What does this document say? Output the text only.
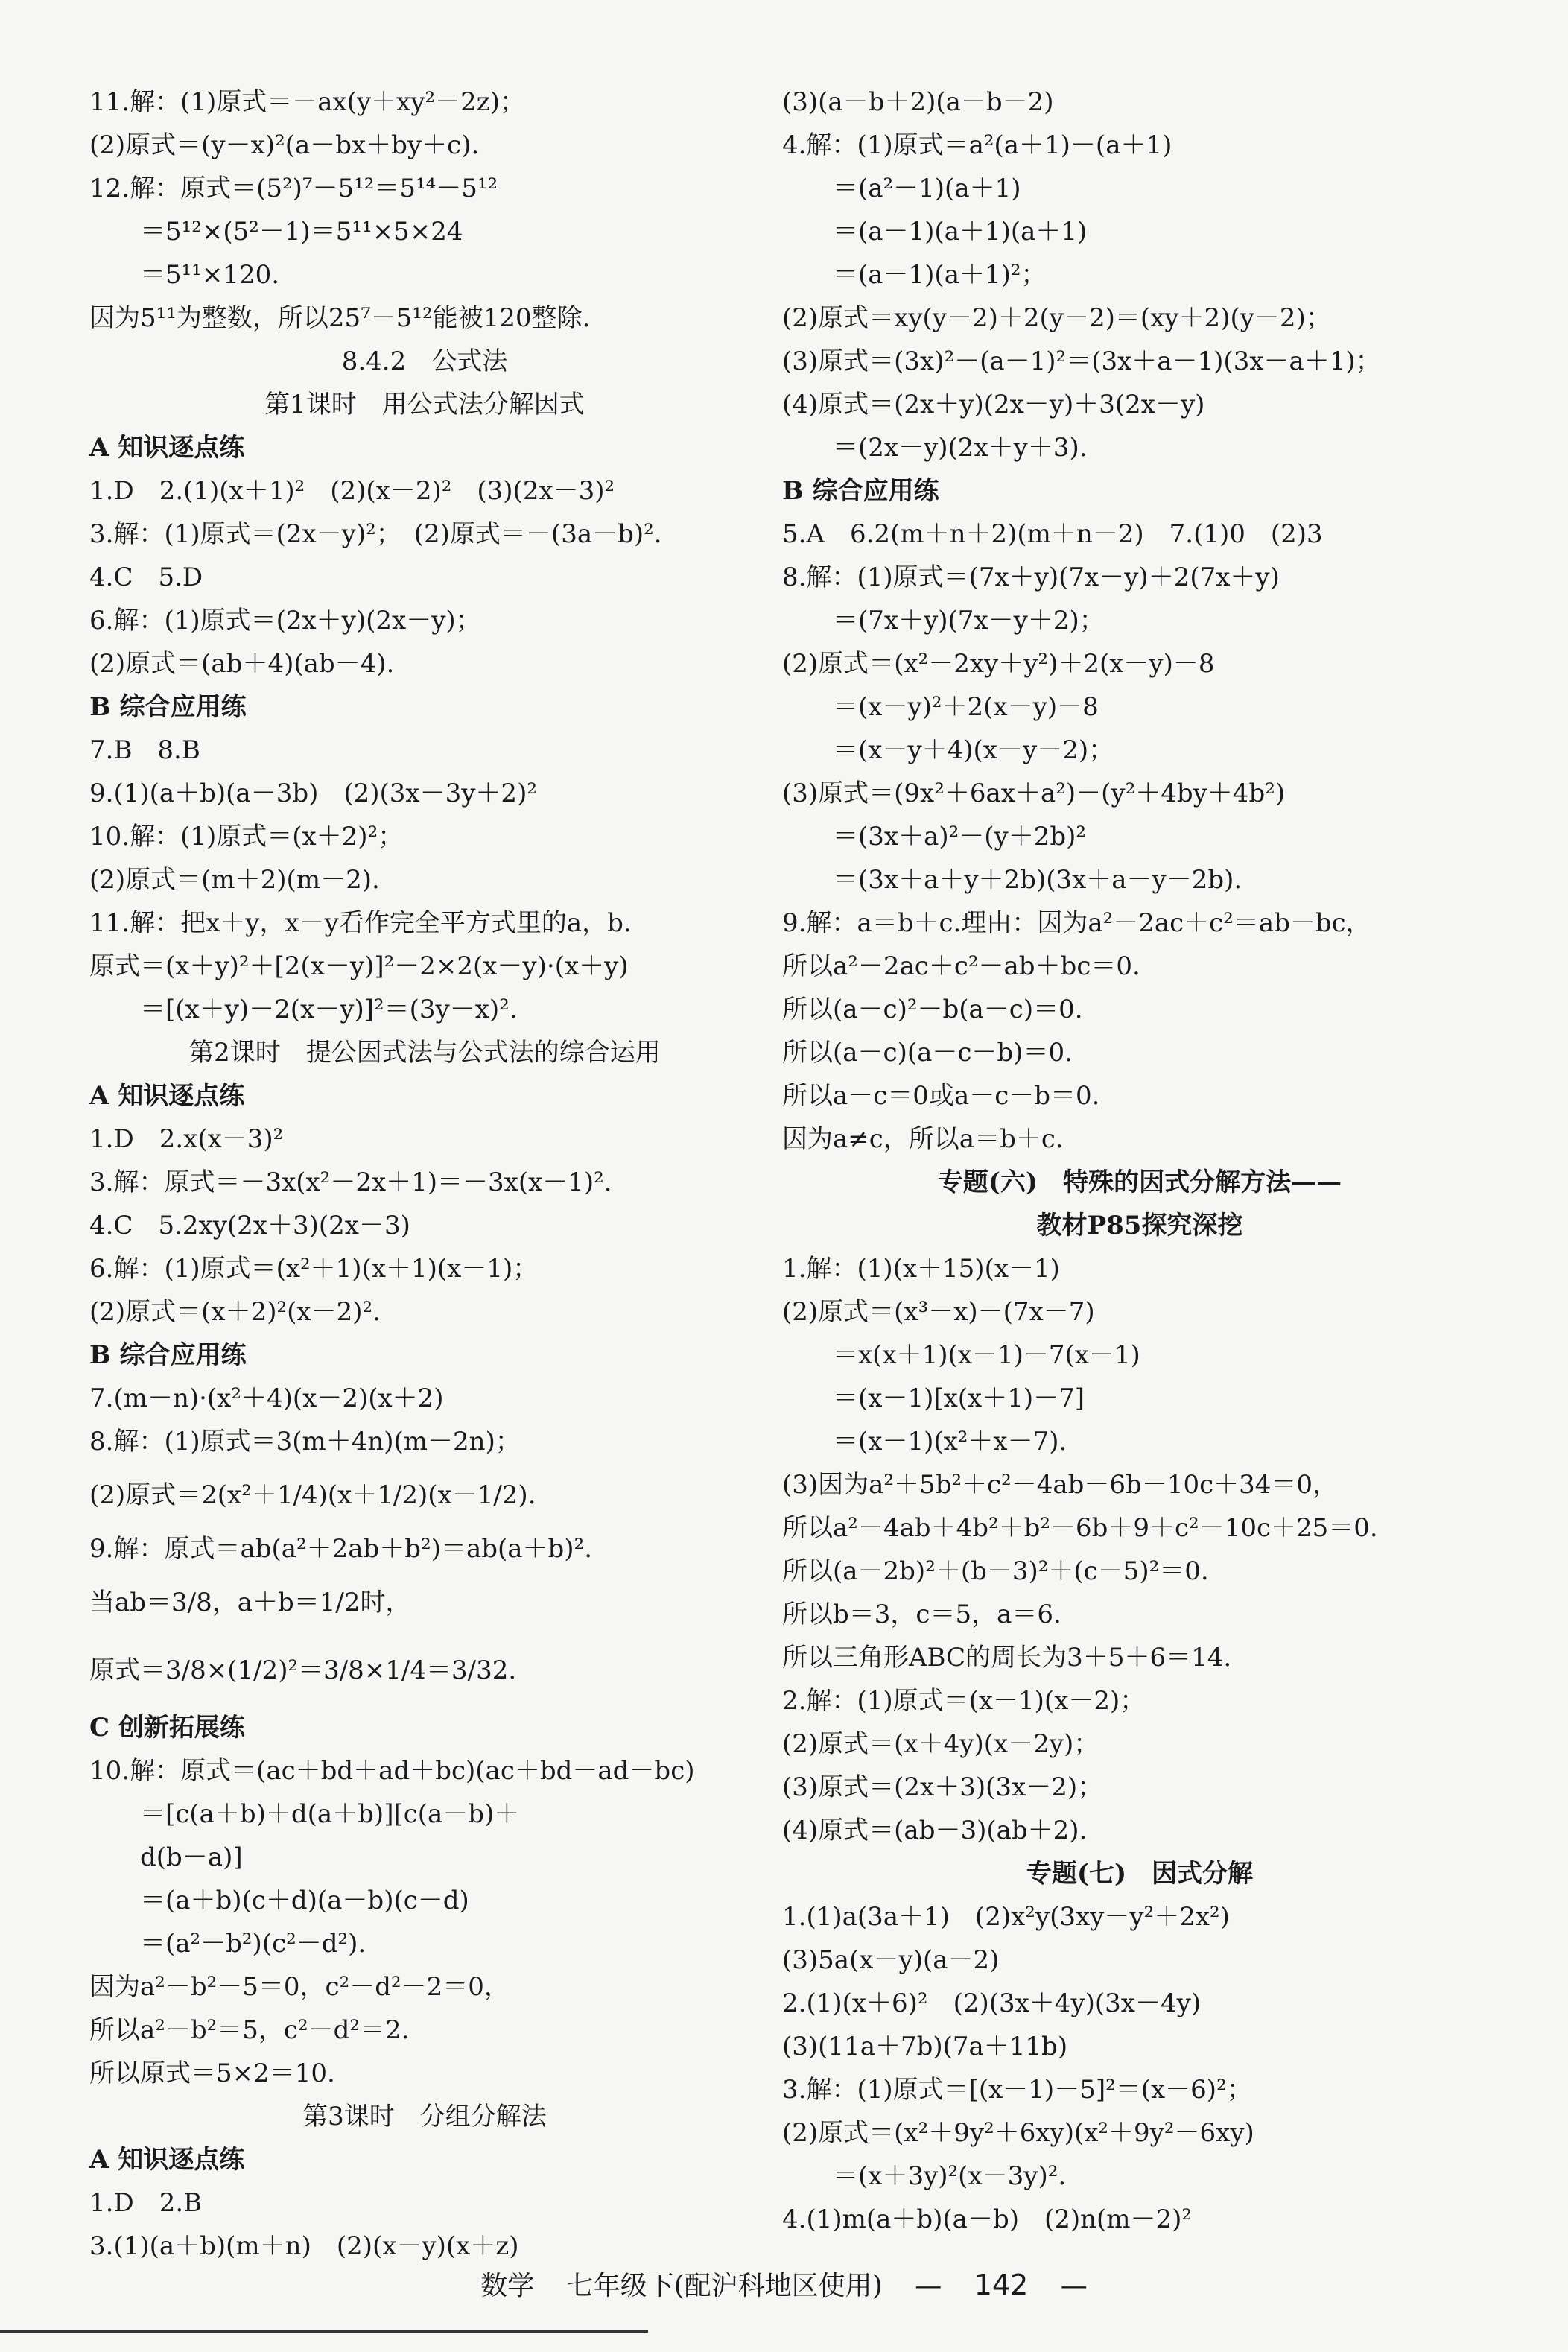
11.解：(1)原式＝－ax(y＋xy²－2z)；
(2)原式＝(y－x)²(a－bx＋by＋c).
12.解：原式＝(5²)⁷－5¹²＝5¹⁴－5¹²
　　＝5¹²×(5²－1)＝5¹¹×5×24
　　＝5¹¹×120.
因为5¹¹为整数，所以25⁷－5¹²能被120整除.
8.4.2　公式法
第1课时　用公式法分解因式
A 知识逐点练
1.D　2.(1)(x＋1)²　(2)(x－2)²　(3)(2x－3)²
3.解：(1)原式＝(2x－y)²；　(2)原式＝－(3a－b)².
4.C　5.D
6.解：(1)原式＝(2x＋y)(2x－y)；
(2)原式＝(ab＋4)(ab－4).
B 综合应用练
7.B　8.B
9.(1)(a＋b)(a－3b)　(2)(3x－3y＋2)²
10.解：(1)原式＝(x＋2)²；
(2)原式＝(m＋2)(m－2).
11.解：把x＋y，x－y看作完全平方式里的a，b.
原式＝(x＋y)²＋[2(x－y)]²－2×2(x－y)·(x＋y)
　　＝[(x＋y)－2(x－y)]²＝(3y－x)².
第2课时　提公因式法与公式法的综合运用
A 知识逐点练
1.D　2.x(x－3)²
3.解：原式＝－3x(x²－2x＋1)＝－3x(x－1)².
4.C　5.2xy(2x＋3)(2x－3)
6.解：(1)原式＝(x²＋1)(x＋1)(x－1)；
(2)原式＝(x＋2)²(x－2)².
B 综合应用练
7.(m－n)·(x²＋4)(x－2)(x＋2)
8.解：(1)原式＝3(m＋4n)(m－2n)；
(2)原式＝2(x²＋1/4)(x＋1/2)(x－1/2).
9.解：原式＝ab(a²＋2ab＋b²)＝ab(a＋b)².
当ab＝3/8，a＋b＝1/2时，
原式＝3/8×(1/2)²＝3/8×1/4＝3/32.
C 创新拓展练
10.解：原式＝(ac＋bd＋ad＋bc)(ac＋bd－ad－bc)
　　＝[c(a＋b)＋d(a＋b)][c(a－b)＋
　　d(b－a)]
　　＝(a＋b)(c＋d)(a－b)(c－d)
　　＝(a²－b²)(c²－d²).
因为a²－b²－5＝0，c²－d²－2＝0，
所以a²－b²＝5，c²－d²＝2.
所以原式＝5×2＝10.
第3课时　分组分解法
A 知识逐点练
1.D　2.B
3.(1)(a＋b)(m＋n)　(2)(x－y)(x＋z)
(3)(a－b＋2)(a－b－2)
4.解：(1)原式＝a²(a＋1)－(a＋1)
　　＝(a²－1)(a＋1)
　　＝(a－1)(a＋1)(a＋1)
　　＝(a－1)(a＋1)²；
(2)原式＝xy(y－2)＋2(y－2)＝(xy＋2)(y－2)；
(3)原式＝(3x)²－(a－1)²＝(3x＋a－1)(3x－a＋1)；
(4)原式＝(2x＋y)(2x－y)＋3(2x－y)
　　＝(2x－y)(2x＋y＋3).
B 综合应用练
5.A　6.2(m＋n＋2)(m＋n－2)　7.(1)0　(2)3
8.解：(1)原式＝(7x＋y)(7x－y)＋2(7x＋y)
　　＝(7x＋y)(7x－y＋2)；
(2)原式＝(x²－2xy＋y²)＋2(x－y)－8
　　＝(x－y)²＋2(x－y)－8
　　＝(x－y＋4)(x－y－2)；
(3)原式＝(9x²＋6ax＋a²)－(y²＋4by＋4b²)
　　＝(3x＋a)²－(y＋2b)²
　　＝(3x＋a＋y＋2b)(3x＋a－y－2b).
9.解：a＝b＋c.理由：因为a²－2ac＋c²＝ab－bc，
所以a²－2ac＋c²－ab＋bc＝0.
所以(a－c)²－b(a－c)＝0.
所以(a－c)(a－c－b)＝0.
所以a－c＝0或a－c－b＝0.
因为a≠c，所以a＝b＋c.
专题(六)　特殊的因式分解方法——
教材P85探究深挖
1.解：(1)(x＋15)(x－1)
(2)原式＝(x³－x)－(7x－7)
　　＝x(x＋1)(x－1)－7(x－1)
　　＝(x－1)[x(x＋1)－7]
　　＝(x－1)(x²＋x－7).
(3)因为a²＋5b²＋c²－4ab－6b－10c＋34＝0，
所以a²－4ab＋4b²＋b²－6b＋9＋c²－10c＋25＝0.
所以(a－2b)²＋(b－3)²＋(c－5)²＝0.
所以b＝3，c＝5，a＝6.
所以三角形ABC的周长为3＋5＋6＝14.
2.解：(1)原式＝(x－1)(x－2)；
(2)原式＝(x＋4y)(x－2y)；
(3)原式＝(2x＋3)(3x－2)；
(4)原式＝(ab－3)(ab＋2).
专题(七)　因式分解
1.(1)a(3a＋1)　(2)x²y(3xy－y²＋2x²)
(3)5a(x－y)(a－2)
2.(1)(x＋6)²　(2)(3x＋4y)(3x－4y)
(3)(11a＋7b)(7a＋11b)
3.解：(1)原式＝[(x－1)－5]²＝(x－6)²；
(2)原式＝(x²＋9y²＋6xy)(x²＋9y²－6xy)
　　＝(x＋3y)²(x－3y)².
4.(1)m(a＋b)(a－b)　(2)n(m－2)²
数学 七年级下(配沪科地区使用) — 142 —
